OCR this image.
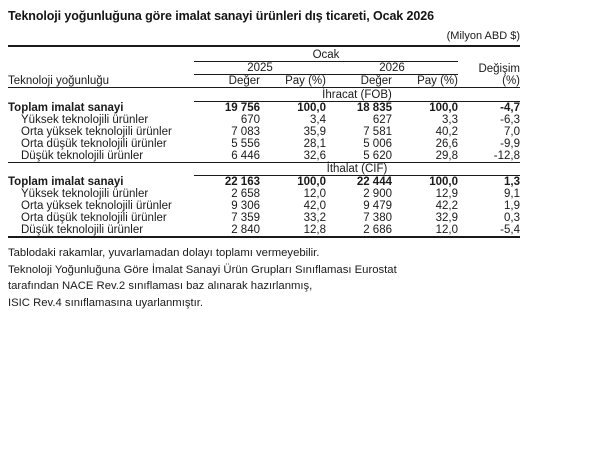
Teknoloji yoğunluğuna göre imalat sanayi ürünleri dış ticareti, Ocak 2026
(Milyon ABD $)

	Ocak				
	2025		2026		Değişim
Teknoloji yoğunluğu	Değer	Pay (%)	Değer	Pay (%)	(%)

	İhracat (FOB)				
Toplam imalat sanayi	19 756	100,0	18 835	100,0	-4,7
Yüksek teknolojili ürünler	670	3,4	627	3,3	-6,3
Orta yüksek teknolojili ürünler	7 083	35,9	7 581	40,2	7,0
Orta düşük teknolojili ürünler	5 556	28,1	5 006	26,6	-9,9
Düşük teknolojili ürünler	6 446	32,6	5 620	29,8	-12,8
	İthalat (CIF)				
Toplam imalat sanayi	22 163	100,0	22 444	100,0	1,3
Yüksek teknolojili ürünler	2 658	12,0	2 900	12,9	9,1
Orta yüksek teknolojili ürünler	9 306	42,0	9 479	42,2	1,9
Orta düşük teknolojili ürünler	7 359	33,2	7 380	32,9	0,3
Düşük teknolojili ürünler	2 840	12,8	2 686	12,0	-5,4

Tablodaki rakamlar, yuvarlamadan dolayı toplamı vermeyebilir.
Teknoloji Yoğunluğuna Göre İmalat Sanayi Ürün Grupları Sınıflaması Eurostat
tarafından NACE Rev.2 sınıflaması baz alınarak hazırlanmış,
ISIC Rev.4 sınıflamasına uyarlanmıştır.
